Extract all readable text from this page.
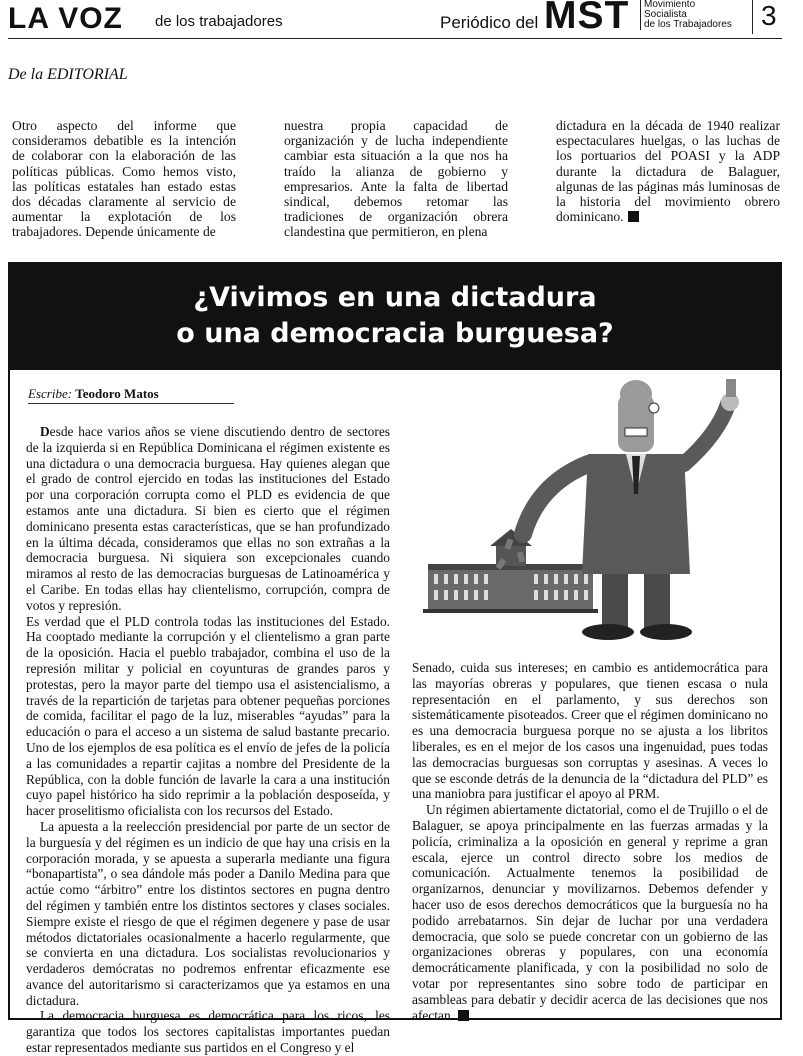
LA VOZ de los trabajadores	Periódico del MST Movimiento
Socialista
de los Trabajadores	3
De la EDITORIAL
Otro aspecto del informe que consideramos debatible es la intención de colaborar con la elaboración de las políticas públicas. Como hemos visto, las políticas estatales han estado estas dos décadas claramente al servicio de aumentar la explotación de los trabajadores. Depende únicamente de
nuestra propia capacidad de organización y de lucha independiente cambiar esta situación a la que nos ha traído la alianza de gobierno y empresarios. Ante la falta de libertad sindical, debemos retomar las tradiciones de organización obrera clandestina que permitieron, en plena
dictadura en la década de 1940 realizar espectaculares huelgas, o las luchas de los portuarios del POASI y la ADP durante la dictadura de Balaguer, algunas de las páginas más luminosas de la historia del movimiento obrero dominicano.
¿Vivimos en una dictadura
o una democracia burguesa?
Escribe: Teodoro Matos

Desde hace varios años se viene discutiendo dentro de sectores de la izquierda si en República Dominicana el régimen existente es una dictadura o una democracia burguesa. Hay quienes alegan que el grado de control ejercido en todas las instituciones del Estado por una corporación corrupta como el PLD es evidencia de que estamos ante una dictadura. Si bien es cierto que el régimen dominicano presenta estas características, que se han profundizado en la última década, consideramos que ellas no son extrañas a la democracia burguesa. Ni siquiera son excepcionales cuando miramos al resto de las democracias burguesas de Latinoamérica y el Caribe. En todas ellas hay clientelismo, corrupción, compra de votos y represión.

Es verdad que el PLD controla todas las instituciones del Estado. Ha cooptado mediante la corrupción y el clientelismo a gran parte de la oposición. Hacia el pueblo trabajador, combina el uso de la represión militar y policial en coyunturas de grandes paros y protestas, pero la mayor parte del tiempo usa el asistencialismo, a través de la repartición de tarjetas para obtener pequeñas porciones de comida, facilitar el pago de la luz, miserables “ayudas” para la educación o para el acceso a un sistema de salud bastante precario. Uno de los ejemplos de esa política es el envío de jefes de la policía a las comunidades a repartir cajitas a nombre del Presidente de la República, con la doble función de lavarle la cara a una institución cuyo papel histórico ha sido reprimir a la población desposeída, y hacer proselitismo oficialista con los recursos del Estado.

La apuesta a la reelección presidencial por parte de un sector de la burguesía y del régimen es un indicio de que hay una crisis en la corporación morada, y se apuesta a superarla mediante una figura “bonapartista”, o sea dándole más poder a Danilo Medina para que actúe como “árbitro” entre los distintos sectores en pugna dentro del régimen y también entre los distintos sectores y clases sociales. Siempre existe el riesgo de que el régimen degenere y pase de usar métodos dictatoriales ocasionalmente a hacerlo regularmente, que se convierta en una dictadura. Los socialistas revolucionarios y verdaderos demócratas no podremos enfrentar eficazmente ese avance del autoritarismo si caracterizamos que ya estamos en una dictadura.

La democracia burguesa es democrática para los ricos, les garantiza que todos los sectores capitalistas importantes puedan estar representados mediante sus partidos en el Congreso y el

Senado, cuida sus intereses; en cambio es antidemocrática para las mayorías obreras y populares, que tienen escasa o nula representación en el parlamento, y sus derechos son sistemáticamente pisoteados. Creer que el régimen dominicano no es una democracia burguesa porque no se ajusta a los libritos liberales, es en el mejor de los casos una ingenuidad, pues todas las democracias burguesas son corruptas y asesinas. A veces lo que se esconde detrás de la denuncia de la “dictadura del PLD” es una maniobra para justificar el apoyo al PRM.

Un régimen abiertamente dictatorial, como el de Trujillo o el de Balaguer, se apoya principalmente en las fuerzas armadas y la policía, criminaliza a la oposición en general y reprime a gran escala, ejerce un control directo sobre los medios de comunicación. Actualmente tenemos la posibilidad de organizarnos, denunciar y movilizarnos. Debemos defender y hacer uso de esos derechos democráticos que la burguesía no ha podido arrebatarnos. Sin dejar de luchar por una verdadera democracia, que solo se puede concretar con un gobierno de las organizaciones obreras y populares, con una economía democráticamente planificada, y con la posibilidad no solo de votar por representantes sino sobre todo de participar en asambleas para debatir y decidir acerca de las decisiones que nos afectan.
